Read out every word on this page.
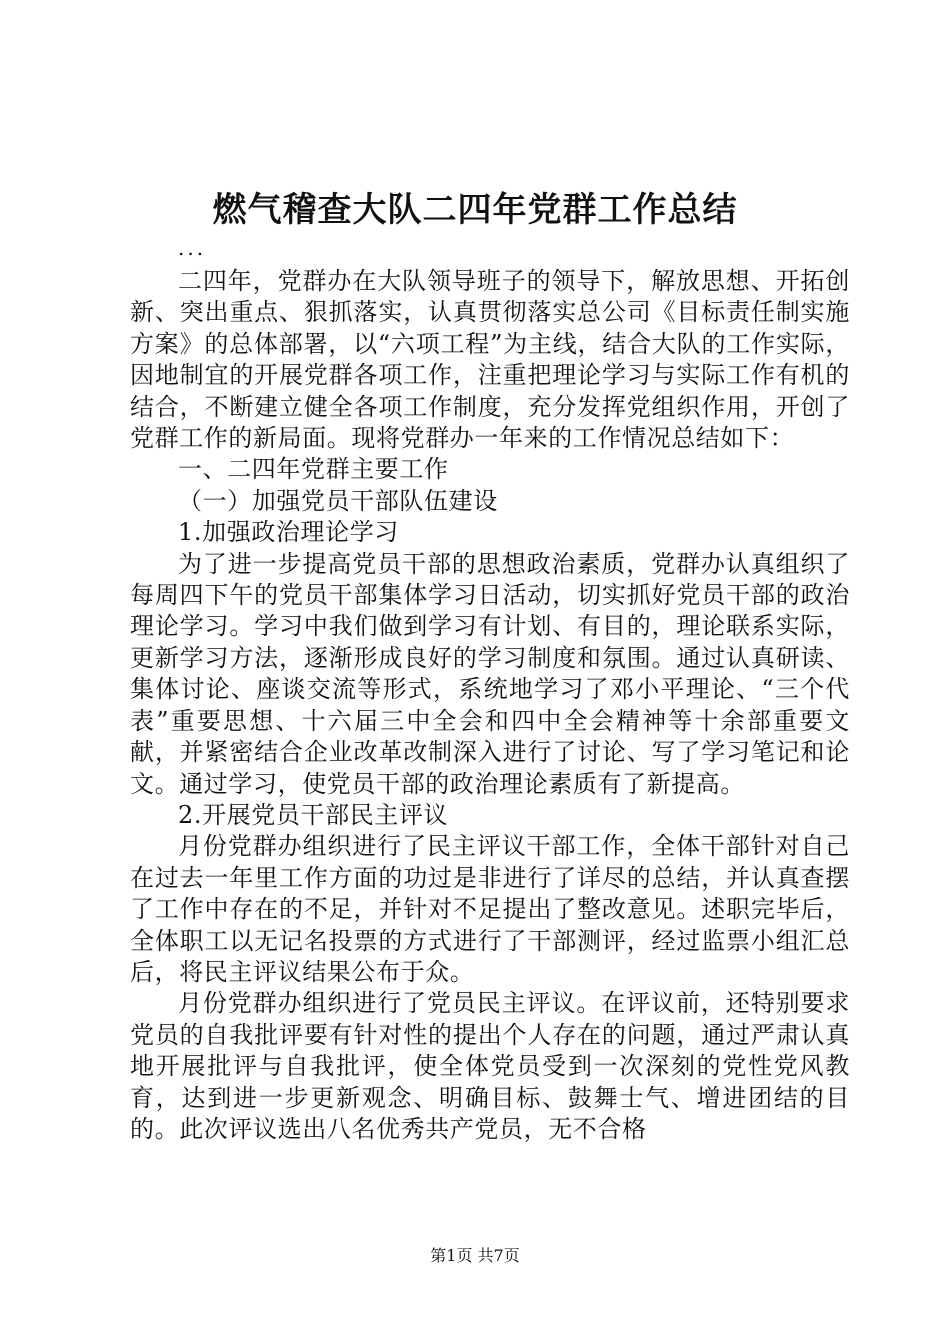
燃气稽查大队二四年党群工作总结
...

二四年，党群办在大队领导班子的领导下，解放思想、开拓创新、突出重点、狠抓落实，认真贯彻落实总公司《目标责任制实施方案》的总体部署，以“六项工程”为主线，结合大队的工作实际，因地制宜的开展党群各项工作，注重把理论学习与实际工作有机的结合，不断建立健全各项工作制度，充分发挥党组织作用，开创了党群工作的新局面。现将党群办一年来的工作情况总结如下：

一、二四年党群主要工作

（一）加强党员干部队伍建设

1.加强政治理论学习

为了进一步提高党员干部的思想政治素质，党群办认真组织了每周四下午的党员干部集体学习日活动，切实抓好党员干部的政治理论学习。学习中我们做到学习有计划、有目的，理论联系实际，更新学习方法，逐渐形成良好的学习制度和氛围。通过认真研读、集体讨论、座谈交流等形式，系统地学习了邓小平理论、“三个代表”重要思想、十六届三中全会和四中全会精神等十余部重要文献，并紧密结合企业改革改制深入进行了讨论、写了学习笔记和论文。通过学习，使党员干部的政治理论素质有了新提高。

2.开展党员干部民主评议

月份党群办组织进行了民主评议干部工作，全体干部针对自己在过去一年里工作方面的功过是非进行了详尽的总结，并认真查摆了工作中存在的不足，并针对不足提出了整改意见。述职完毕后，全体职工以无记名投票的方式进行了干部测评，经过监票小组汇总后，将民主评议结果公布于众。

月份党群办组织进行了党员民主评议。在评议前，还特别要求党员的自我批评要有针对性的提出个人存在的问题，通过严肃认真地开展批评与自我批评，使全体党员受到一次深刻的党性党风教育，达到进一步更新观念、明确目标、鼓舞士气、增进团结的目的。此次评议选出八名优秀共产党员，无不合格

第1页 共7页
